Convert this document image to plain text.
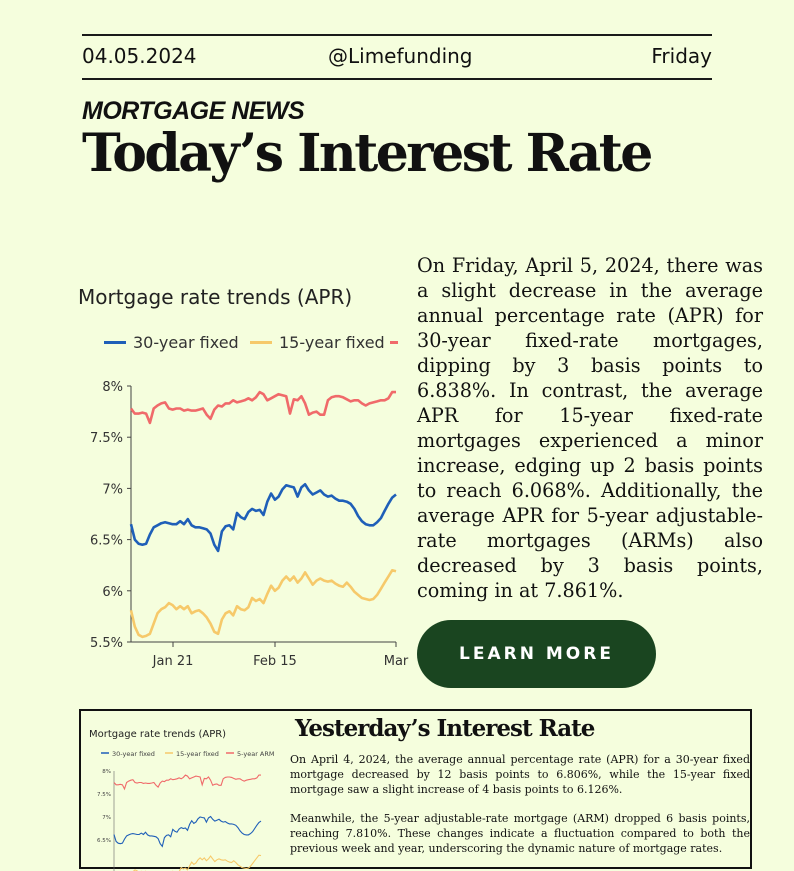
04.05.2024	@Limefunding	Friday
MORTGAGE NEWS
Today’s Interest Rate
Mortgage rate trends (APR)
30-year fixed	15-year fixed
5.5%
6%
6.5%
7%
7.5%
8%
Jan 21	Feb 15	Mar
On Friday, April 5, 2024, there was a slight decrease in the average annual percentage rate (APR) for 30-year fixed-rate mortgages, dipping by 3 basis points to 6.838%. In contrast, the average APR for 15-year fixed-rate mortgages experienced a minor increase, edging up 2 basis points to reach 6.068%. Additionally, the average APR for 5-year adjustable-rate mortgages (ARMs) also decreased by 3 basis points, coming in at 7.861%.
LEARN MORE
Mortgage rate trends (APR)
30-year fixed	15-year fixed	5-year ARM
8%
7.5%
7%
6.5%
Yesterday’s Interest Rate
On April 4, 2024, the average annual percentage rate (APR) for a 30-year fixed mortgage decreased by 12 basis points to 6.806%, while the 15-year fixed mortgage saw a slight increase of 4 basis points to 6.126%.
Meanwhile, the 5-year adjustable-rate mortgage (ARM) dropped 6 basis points, reaching 7.810%. These changes indicate a fluctuation compared to both the previous week and year, underscoring the dynamic nature of mortgage rates.
